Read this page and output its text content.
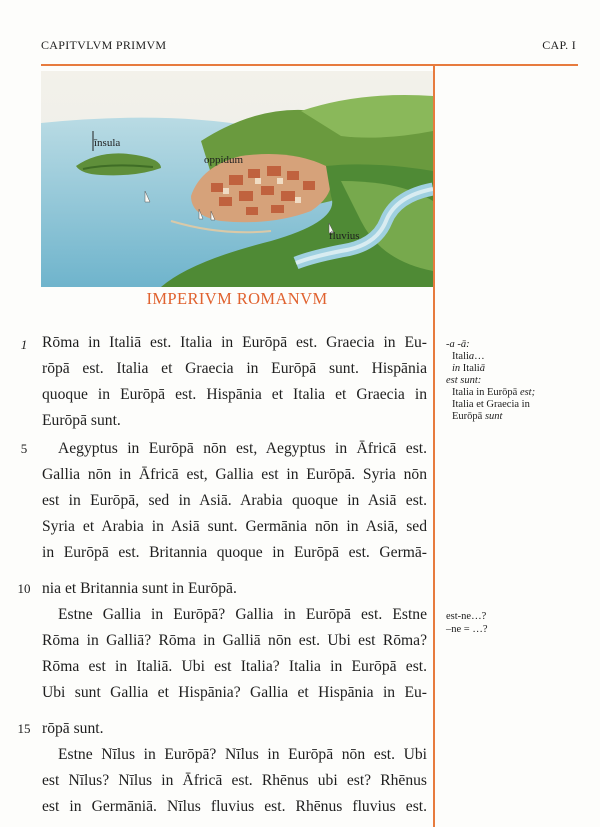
CAPITVLVM PRIMVM	CAP. I
īnsula
oppidum
fluvius
IMPERIVM ROMANVM
1
5
10
15
Rōma in Italiā est. Italia in Eurōpā est. Graecia in Eu-
rōpā est. Italia et Graecia in Eurōpā sunt. Hispānia
quoque in Eurōpā est. Hispānia et Italia et Graecia in
Eurōpā sunt.
Aegyptus in Eurōpā nōn est, Aegyptus in Āfricā est.
Gallia nōn in Āfricā est, Gallia est in Eurōpā. Syria nōn
est in Eurōpā, sed in Asiā. Arabia quoque in Asiā est.
Syria et Arabia in Asiā sunt. Germānia nōn in Asiā, sed
in Eurōpā est. Britannia quoque in Eurōpā est. Germā-
nia et Britannia sunt in Eurōpā.
Estne Gallia in Eurōpā? Gallia in Eurōpā est. Estne
Rōma in Galliā? Rōma in Galliā nōn est. Ubi est Rōma?
Rōma est in Italiā. Ubi est Italia? Italia in Eurōpā est.
Ubi sunt Gallia et Hispānia? Gallia et Hispānia in Eu-
rōpā sunt.
Estne Nīlus in Eurōpā? Nīlus in Eurōpā nōn est. Ubi
est Nīlus? Nīlus in Āfricā est. Rhēnus ubi est? Rhēnus
est in Germāniā. Nīlus fluvius est. Rhēnus fluvius est.
-a -ā:
Italia…
in Italiā
est sunt:
Italia in Eurōpā est;
Italia et Graecia in
Eurōpā sunt
est-ne…?
–ne = …?
